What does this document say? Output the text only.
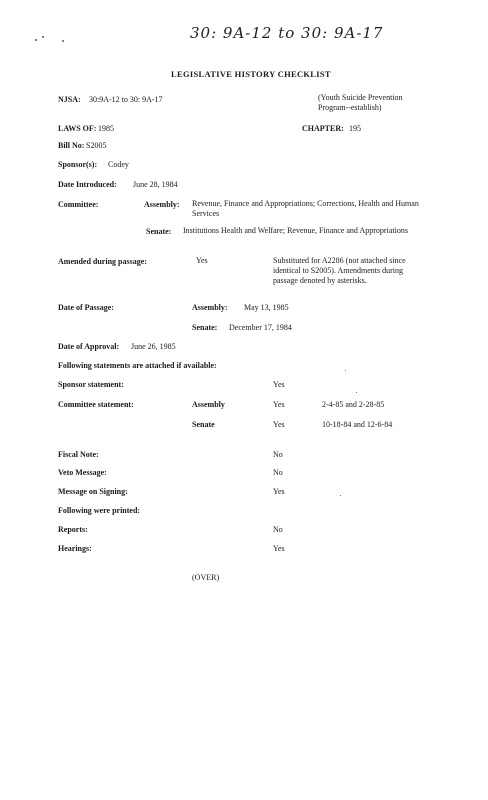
30: 9A-12 to 30: 9A-17
LEGISLATIVE HISTORY CHECKLIST
NJSA: 30:9A-12 to 30: 9A-17	(Youth Suicide Prevention
Program--establish)
LAWS OF: 1985	CHAPTER: 195
Bill No: S2005
Sponsor(s): Codey
Date Introduced: June 28, 1984
Committee:	Assembly: Revenue, Finance and Appropriations; Corrections, Health and Human Services
Senate: Institutions Health and Welfare; Revenue, Finance and Appropriations
Amended during passage:	Yes	Substituted for A2286 (not attached since identical to S2005). Amendments during passage denoted by asterisks.
Date of Passage:	Assembly: May 13, 1985
Senate: December 17, 1984
Date of Approval: June 26, 1985
Following statements are attached if available:
Sponsor statement:	Yes
Committee statement:	Assembly	Yes	2-4-85 and 2-28-85
Senate	Yes	10-18-84 and 12-6-84
Fiscal Note:	No
Veto Message:	No
Message on Signing:	Yes
Following were printed:
Reports:	No
Hearings:	Yes
(OVER)
